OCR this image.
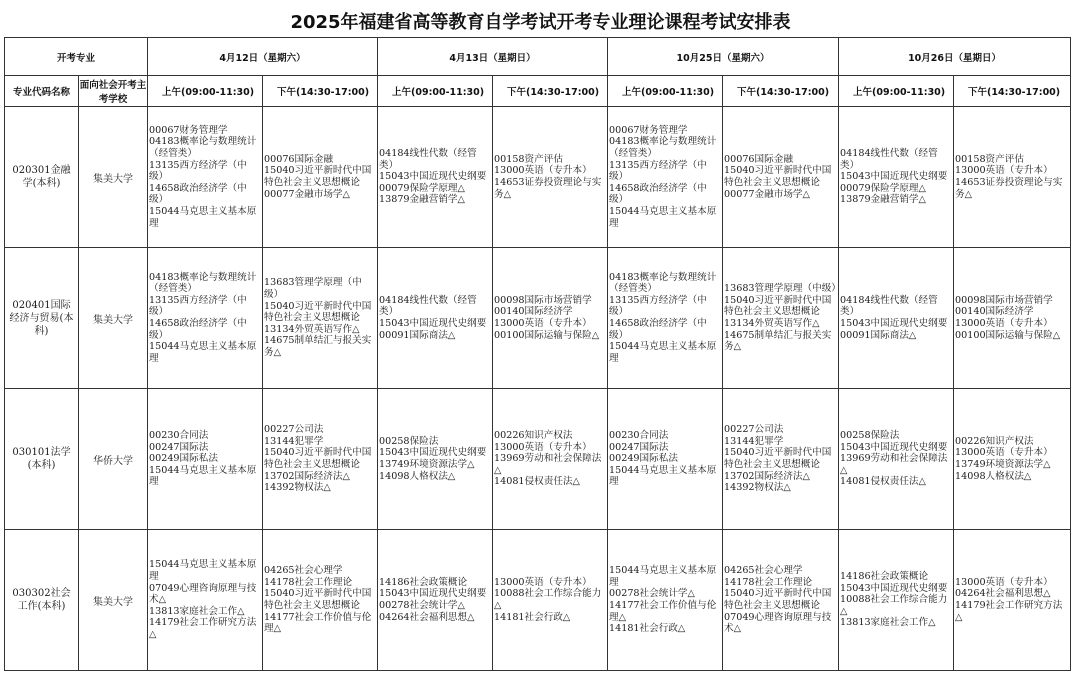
2025年福建省高等教育自学考试开考专业理论课程考试安排表
开考专业		4月12日（星期六）		4月13日（星期日）		10月25日（星期六）		10月26日（星期日）	
专业代码名称	面向社会开考主考学校	上午(09:00-11:30)	下午(14:30-17:00)	上午(09:00-11:30)	下午(14:30-17:00)	上午(09:00-11:30)	下午(14:30-17:00)	上午(09:00-11:30)	下午(14:30-17:00)
020301金融学(本科)	集美大学	00067财务管理学
04183概率论与数理统计（经管类）
13135西方经济学（中级）
14658政治经济学（中级）
15044马克思主义基本原理	00076国际金融
15040习近平新时代中国特色社会主义思想概论
00077金融市场学△	04184线性代数（经管类）
15043中国近现代史纲要
00079保险学原理△
13879金融营销学△	00158资产评估
13000英语（专升本）
14653证券投资理论与实务△	00067财务管理学
04183概率论与数理统计（经管类）
13135西方经济学（中级）
14658政治经济学（中级）
15044马克思主义基本原理	00076国际金融
15040习近平新时代中国特色社会主义思想概论
00077金融市场学△	04184线性代数（经管类）
15043中国近现代史纲要
00079保险学原理△
13879金融营销学△	00158资产评估
13000英语（专升本）
14653证券投资理论与实务△

020401国际经济与贸易(本科)	集美大学	04183概率论与数理统计（经管类）
13135西方经济学（中级）
14658政治经济学（中级）
15044马克思主义基本原理	13683管理学原理（中级）
15040习近平新时代中国特色社会主义思想概论
13134外贸英语写作△
14675制单结汇与报关实务△	04184线性代数（经管类）
15043中国近现代史纲要
00091国际商法△	00098国际市场营销学
00140国际经济学
13000英语（专升本）
00100国际运输与保险△	04183概率论与数理统计（经管类）
13135西方经济学（中级）
14658政治经济学（中级）
15044马克思主义基本原理	13683管理学原理（中级）
15040习近平新时代中国特色社会主义思想概论
13134外贸英语写作△
14675制单结汇与报关实务△	04184线性代数（经管类）
15043中国近现代史纲要
00091国际商法△	00098国际市场营销学
00140国际经济学
13000英语（专升本）
00100国际运输与保险△

030101法学(本科)	华侨大学	00230合同法
00247国际法
00249国际私法
15044马克思主义基本原理	00227公司法
13144犯罪学
15040习近平新时代中国特色社会主义思想概论
13702国际经济法△
14392物权法△	00258保险法
15043中国近现代史纲要
13749环境资源法学△
14098人格权法△	00226知识产权法
13000英语（专升本）
13969劳动和社会保障法△
14081侵权责任法△	00230合同法
00247国际法
00249国际私法
15044马克思主义基本原理	00227公司法
13144犯罪学
15040习近平新时代中国特色社会主义思想概论
13702国际经济法△
14392物权法△	00258保险法
15043中国近现代史纲要
13969劳动和社会保障法△
14081侵权责任法△	00226知识产权法
13000英语（专升本）
13749环境资源法学△
14098人格权法△

030302社会工作(本科)	集美大学	15044马克思主义基本原理
07049心理咨询原理与技术△
13813家庭社会工作△
14179社会工作研究方法△	04265社会心理学
14178社会工作理论
15040习近平新时代中国特色社会主义思想概论
14177社会工作价值与伦理△	14186社会政策概论
15043中国近现代史纲要
00278社会统计学△
04264社会福利思想△	13000英语（专升本）
10088社会工作综合能力△
14181社会行政△	15044马克思主义基本原理
00278社会统计学△
14177社会工作价值与伦理△
14181社会行政△	04265社会心理学
14178社会工作理论
15040习近平新时代中国特色社会主义思想概论
07049心理咨询原理与技术△	14186社会政策概论
15043中国近现代史纲要
10088社会工作综合能力△
13813家庭社会工作△	13000英语（专升本）
04264社会福利思想△
14179社会工作研究方法△
